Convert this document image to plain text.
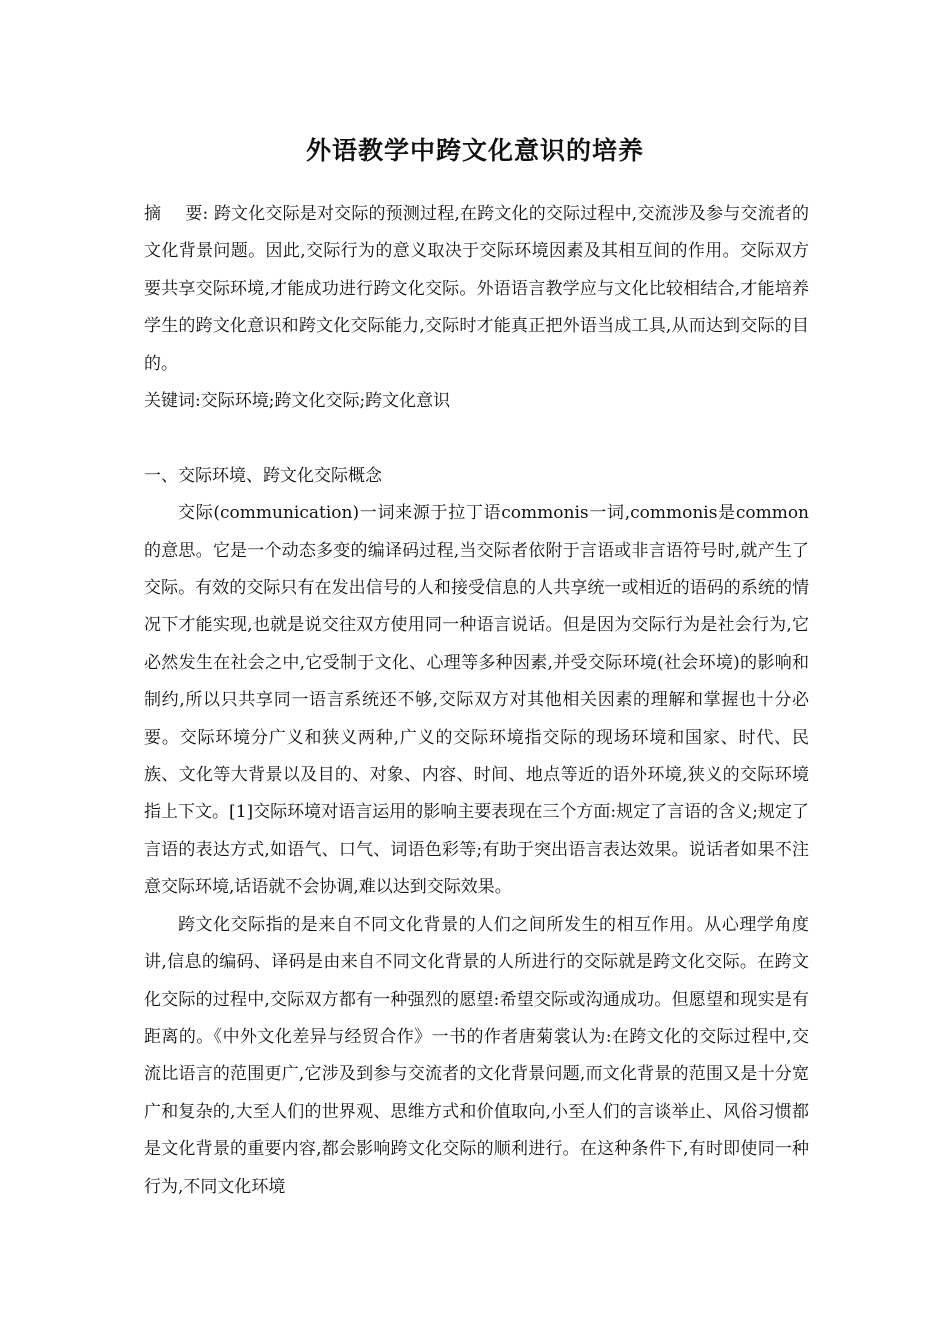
外语教学中跨文化意识的培养

摘 要: 跨文化交际是对交际的预测过程,在跨文化的交际过程中,交流涉及参与交流者的文化背景问题。因此,交际行为的意义取决于交际环境因素及其相互间的作用。交际双方要共享交际环境,才能成功进行跨文化交际。外语语言教学应与文化比较相结合,才能培养学生的跨文化意识和跨文化交际能力,交际时才能真正把外语当成工具,从而达到交际的目的。

关键词:交际环境;跨文化交际;跨文化意识

一、交际环境、跨文化交际概念

交际(communication)一词来源于拉丁语commonis一词,commonis是common的意思。它是一个动态多变的编译码过程,当交际者依附于言语或非言语符号时,就产生了交际。有效的交际只有在发出信号的人和接受信息的人共享统一或相近的语码的系统的情况下才能实现,也就是说交往双方使用同一种语言说话。但是因为交际行为是社会行为,它必然发生在社会之中,它受制于文化、心理等多种因素,并受交际环境(社会环境)的影响和制约,所以只共享同一语言系统还不够,交际双方对其他相关因素的理解和掌握也十分必要。交际环境分广义和狭义两种,广义的交际环境指交际的现场环境和国家、时代、民族、文化等大背景以及目的、对象、内容、时间、地点等近的语外环境,狭义的交际环境指上下文。[1]交际环境对语言运用的影响主要表现在三个方面:规定了言语的含义;规定了言语的表达方式,如语气、口气、词语色彩等;有助于突出语言表达效果。说话者如果不注意交际环境,话语就不会协调,难以达到交际效果。

跨文化交际指的是来自不同文化背景的人们之间所发生的相互作用。从心理学角度讲,信息的编码、译码是由来自不同文化背景的人所进行的交际就是跨文化交际。在跨文化交际的过程中,交际双方都有一种强烈的愿望:希望交际或沟通成功。但愿望和现实是有距离的。《中外文化差异与经贸合作》一书的作者唐菊裳认为:在跨文化的交际过程中,交流比语言的范围更广,它涉及到参与交流者的文化背景问题,而文化背景的范围又是十分宽广和复杂的,大至人们的世界观、思维方式和价值取向,小至人们的言谈举止、风俗习惯都是文化背景的重要内容,都会影响跨文化交际的顺利进行。在这种条件下,有时即使同一种行为,不同文化环境
